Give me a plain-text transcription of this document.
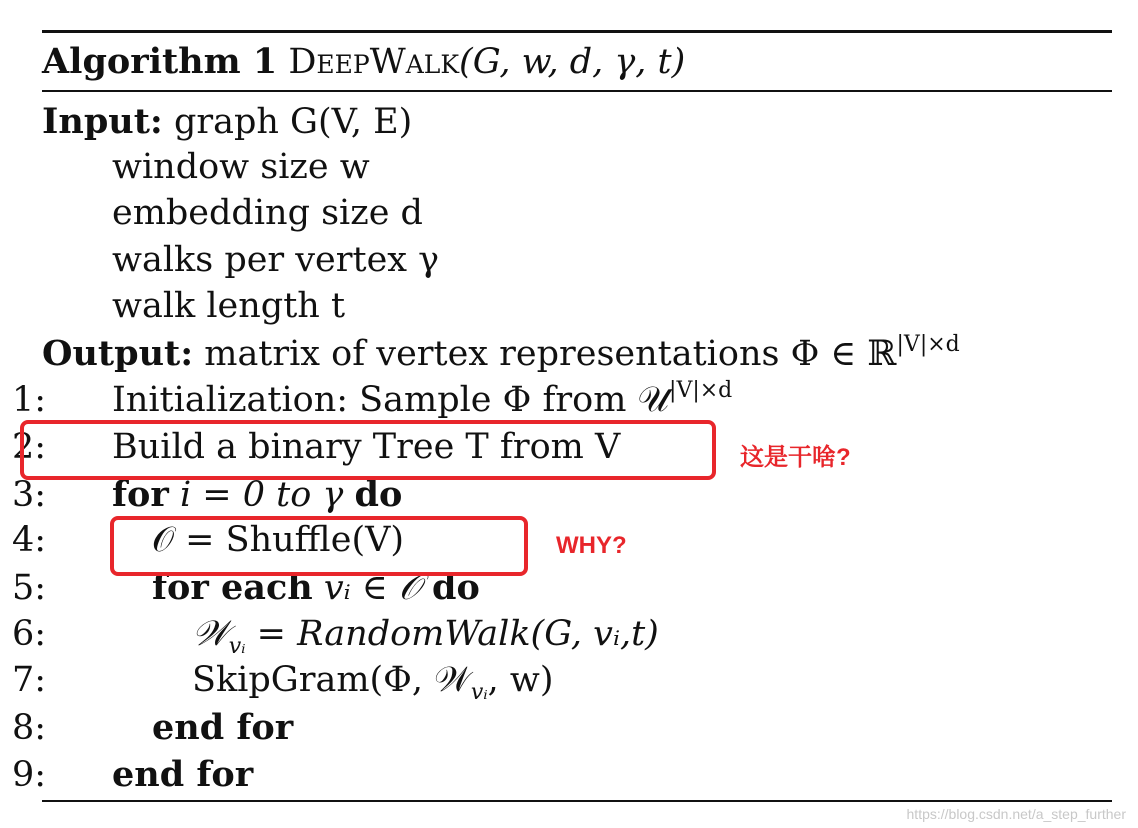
Algorithm 1 DeepWalk(G, w, d, γ, t)
Input: graph G(V, E)
window size w
embedding size d
walks per vertex γ
walk length t
Output: matrix of vertex representations Φ ∈ ℝ$^{|V|\times d}$
1: Initialization: Sample Φ from 𝒰$^{|V|\times d}$
2: Build a binary Tree T from V
3: for i = 0 to γ do
4:	𝒪 = Shuffle(V)
5:	for each vᵢ ∈ 𝒪 do
6:	𝒲$_{vᵢ}$ = RandomWalk(G, vᵢ,t)
7:	SkipGram(Φ, 𝒲$_{vᵢ}$, w)
8:	end for
9: end for
这是干啥?
WHY?
https://blog.csdn.net/a_step_further
